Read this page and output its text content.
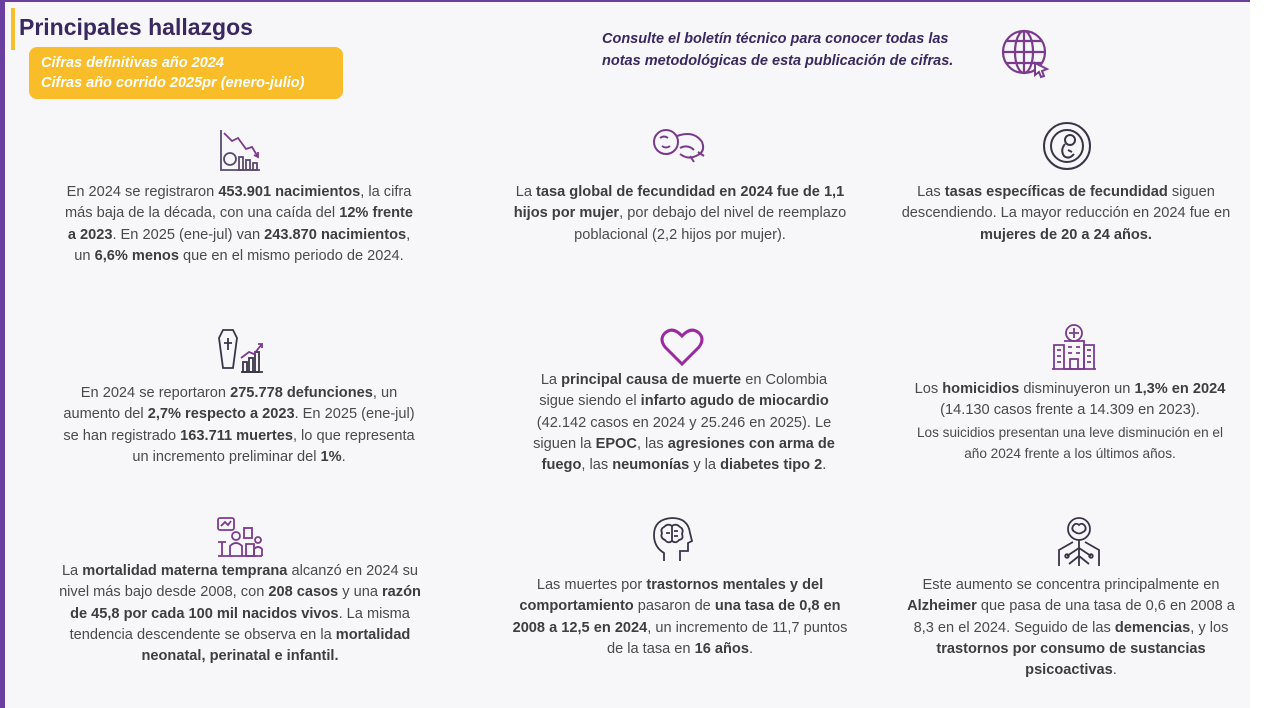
Principales hallazgos
Cifras definitivas año 2024
Cifras año corrido 2025pr (enero-julio)
Consulte el boletín técnico para conocer todas las
notas metodológicas de esta publicación de cifras.
En 2024 se registraron 453.901 nacimientos, la cifra más baja de la década, con una caída del 12% frente a 2023. En 2025 (ene-jul) van 243.870 nacimientos, un 6,6% menos que en el mismo periodo de 2024.
La tasa global de fecundidad en 2024 fue de 1,1 hijos por mujer, por debajo del nivel de reemplazo poblacional (2,2 hijos por mujer).
Las tasas específicas de fecundidad siguen descendiendo. La mayor reducción en 2024 fue en mujeres de 20 a 24 años.
En 2024 se reportaron 275.778 defunciones, un aumento del 2,7% respecto a 2023. En 2025 (ene-jul) se han registrado 163.711 muertes, lo que representa un incremento preliminar del 1%.
La principal causa de muerte en Colombia sigue siendo el infarto agudo de miocardio (42.142 casos en 2024 y 25.246 en 2025). Le siguen la EPOC, las agresiones con arma de fuego, las neumonías y la diabetes tipo 2.
Los homicidios disminuyeron un 1,3% en 2024 (14.130 casos frente a 14.309 en 2023).
Los suicidios presentan una leve disminución en el año 2024 frente a los últimos años.
La mortalidad materna temprana alcanzó en 2024 su nivel más bajo desde 2008, con 208 casos y una razón de 45,8 por cada 100 mil nacidos vivos. La misma tendencia descendente se observa en la mortalidad neonatal, perinatal e infantil.
Las muertes por trastornos mentales y del comportamiento pasaron de una tasa de 0,8 en 2008 a 12,5 en 2024, un incremento de 11,7 puntos de la tasa en 16 años.
Este aumento se concentra principalmente en Alzheimer que pasa de una tasa de 0,6 en 2008 a 8,3 en el 2024. Seguido de las demencias, y los trastornos por consumo de sustancias psicoactivas.
